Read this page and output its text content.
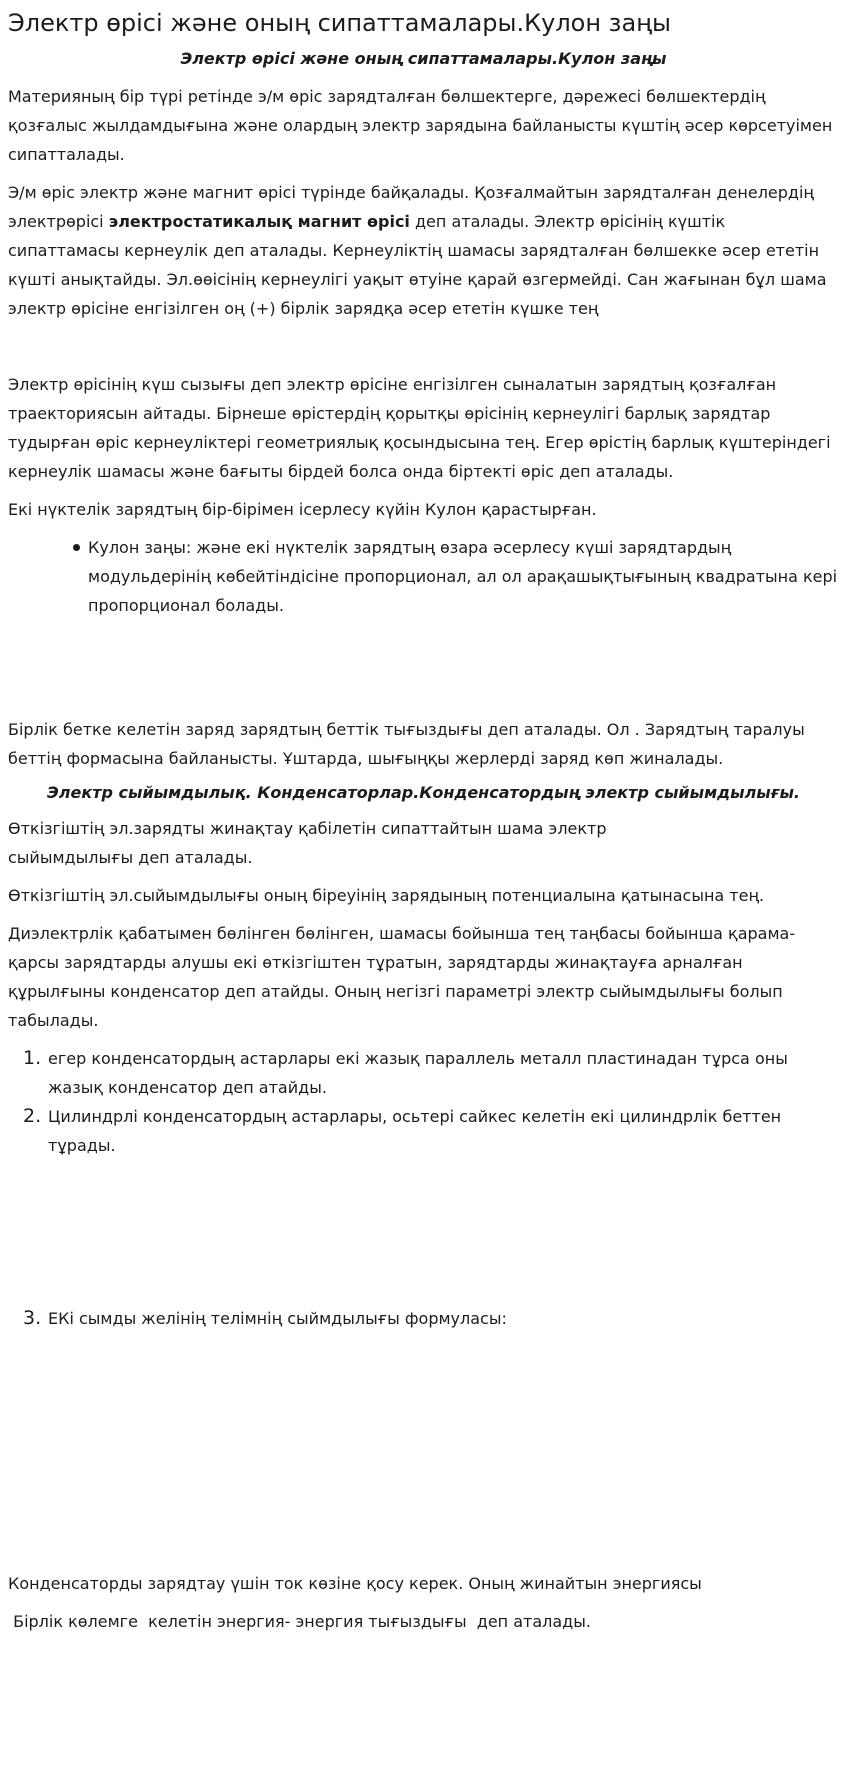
Электр өрісі және оның сипаттамалары.Кулон заңы
Электр өрісі және оның сипаттамалары.Кулон заңы

Материяның бір түрі ретінде э/м өріс зарядталған бөлшектерге, дәрежесі бөлшектердің қозғалыс жылдамдығына және олардың электр зарядына байланысты күштің әсер көрсетуімен сипатталады.

Э/м өріс электр және магнит өрісі түрінде байқалады. Қозғалмайтын зарядталған денелердің электрөрісі электростатикалық магнит өрісі деп аталады. Электр өрісінің күштік сипаттамасы кернеулік деп аталады. Кернеуліктің шамасы зарядталған бөлшекке әсер ететін күшті анықтайды. Эл.өөісінің кернеулігі уақыт өтуіне қарай өзгермейді. Сан жағынан бұл шама электр өрісіне енгізілген оң (+) бірлік зарядқа әсер ететін күшке тең

Электр өрісінің күш сызығы деп электр өрісіне енгізілген сыналатын зарядтың қозғалған траекториясын айтады. Бірнеше өрістердің қорытқы өрісінің кернеулігі барлық зарядтар тудырған өріс кернеуліктері геометриялық қосындысына тең. Егер өрістің барлық күштеріндегі кернеулік шамасы және бағыты бірдей болса онда біртекті өріс деп аталады.

Екі нүктелік зарядтың бір-бірімен ісерлесу күйін Кулон қарастырған.

Кулон заңы: және екі нүктелік зарядтың өзара әсерлесу күші зарядтардың модульдерінің көбейтіндісіне пропорционал, ал ол арақашықтығының квадратына кері пропорционал болады.

Бірлік бетке келетін заряд зарядтың беттік тығыздығы деп аталады. Ол . Зарядтың таралуы беттің формасына байланысты. Ұштарда, шығыңқы жерлерді заряд көп жиналады.

Электр сыйымдылық. Конденсаторлар.Конденсатордың электр сыйымдылығы.

Өткізгіштің эл.зарядты жинақтау қабілетін сипаттайтын шама электр сыйымдылығы деп аталады.

Өткізгіштің эл.сыйымдылығы оның біреуінің зарядының потенциалына қатынасына тең.

Диэлектрлік қабатымен бөлінген бөлінген, шамасы бойынша тең таңбасы бойынша қарама-қарсы зарядтарды алушы екі өткізгіштен тұратын, зарядтарды жинақтауға арналған құрылғыны конденсатор деп атайды. Оның негізгі параметрі электр сыйымдылығы болып табылады.

1. егер конденсатордың астарлары екі жазық параллель металл пластинадан тұрса оны жазық конденсатор деп атайды.
2. Цилиндрлі конденсатордың астарлары, осьтері сайкес келетін екі цилиндрлік беттен тұрады.
3. ЕКі сымды желінің телімнің сыймдылығы формуласы:

Конденсаторды зарядтау үшін ток көзіне қосу керек. Оның жинайтын энергиясы

Бірлік көлемге  келетін энергия- энергия тығыздығы  деп аталады.
